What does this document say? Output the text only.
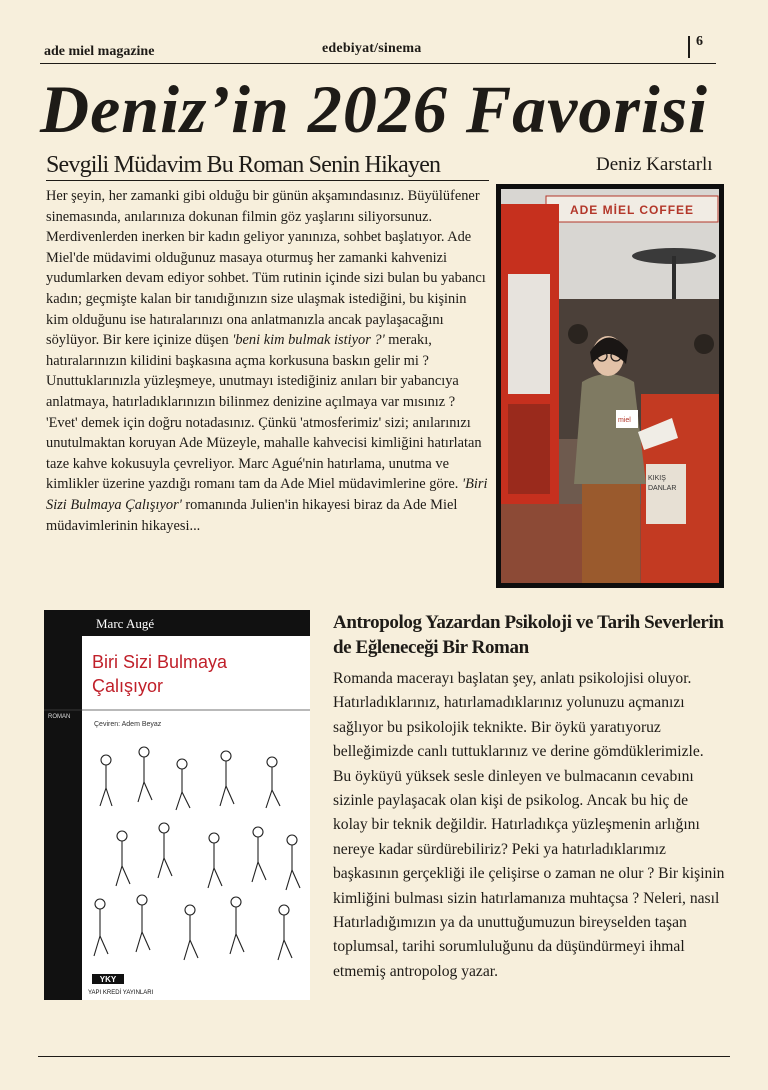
ade miel magazine	edebiyat/sinema	6
Deniz’in 2026 Favorisi
Sevgili Müdavim Bu Roman Senin Hikayen	Deniz Karstarlı

Her şeyin, her zamanki gibi olduğu bir günün akşamındasınız. Büyülüfener sinemasında, anılarınıza dokunan filmin göz yaşlarını siliyorsunuz. Merdivenlerden inerken bir kadın geliyor yanınıza, sohbet başlatıyor. Ade Miel'de müdavimi olduğunuz masaya oturmuş her zamanki kahvenizi yudumlarken devam ediyor sohbet. Tüm rutinin içinde sizi bulan bu yabancı kadın; geçmişte kalan bir tanıdığınızın size ulaşmak istediğini, bu kişinin kim olduğunu ise hatıralarınızı ona anlatmanızla ancak paylaşacağını söylüyor. Bir kere içinize düşen 'beni kim bulmak istiyor ?' merakı, hatıralarınızın kilidini başkasına açma korkusuna baskın gelir mi ? Unuttuklarınızla yüzleşmeye, unutmayı istediğiniz anıları bir yabancıya anlatmaya, hatırladıklarınızın bilinmez denizine açılmaya var mısınız ? 'Evet' demek için doğru notadasınız. Çünkü 'atmosferimiz' sizi; anılarınızı unutulmaktan koruyan Ade Müzeyle, mahalle kahvecisi kimliğini hatırlatan taze kahve kokusuyla çevreliyor. Marc Agué'nin hatırlama, unutma ve kimlikler üzerine yazdığı romanı tam da Ade Miel müdavimlerine göre. 'Biri Sizi Bulmaya Çalışıyor' romanında Julien'in hikayesi biraz da Ade Miel müdavimlerinin hikayesi...

ADE MİEL COFFEE
KIKIŞ
DANLAR
miel
Marc Augé
Biri Sizi Bulmaya
Çalışıyor
ROMAN
Çeviren: Adem Beyaz
YKY
YAPI KREDİ YAYINLARI
Antropolog Yazardan Psikoloji ve Tarih Severlerin de Eğleneceği Bir Roman

Romanda macerayı başlatan şey, anlatı psikolojisi oluyor. Hatırladıklarınız, hatırlamadıklarınız yolunuzu açmanızı sağlıyor bu psikolojik teknikte. Bir öykü yaratıyoruz belleğimizde canlı tuttuklarınız ve derine gömdüklerimizle. Bu öyküyü yüksek sesle dinleyen ve bulmacanın cevabını sizinle paylaşacak olan kişi de psikolog. Ancak bu hiç de kolay bir teknik değildir. Hatırladıkça yüzleşmenin arlığını nereye kadar sürdürebiliriz? Peki ya hatırladıklarımız başkasının gerçekliği ile çelişirse o zaman ne olur ? Bir kişinin kimliğini bulması sizin hatırlamanıza muhtaçsa ? Neleri, nasıl Hatırladığımızın ya da unuttuğumuzun bireyselden taşan toplumsal, tarihi sorumluluğunu da düşündürmeyi ihmal etmemiş antropolog yazar.
